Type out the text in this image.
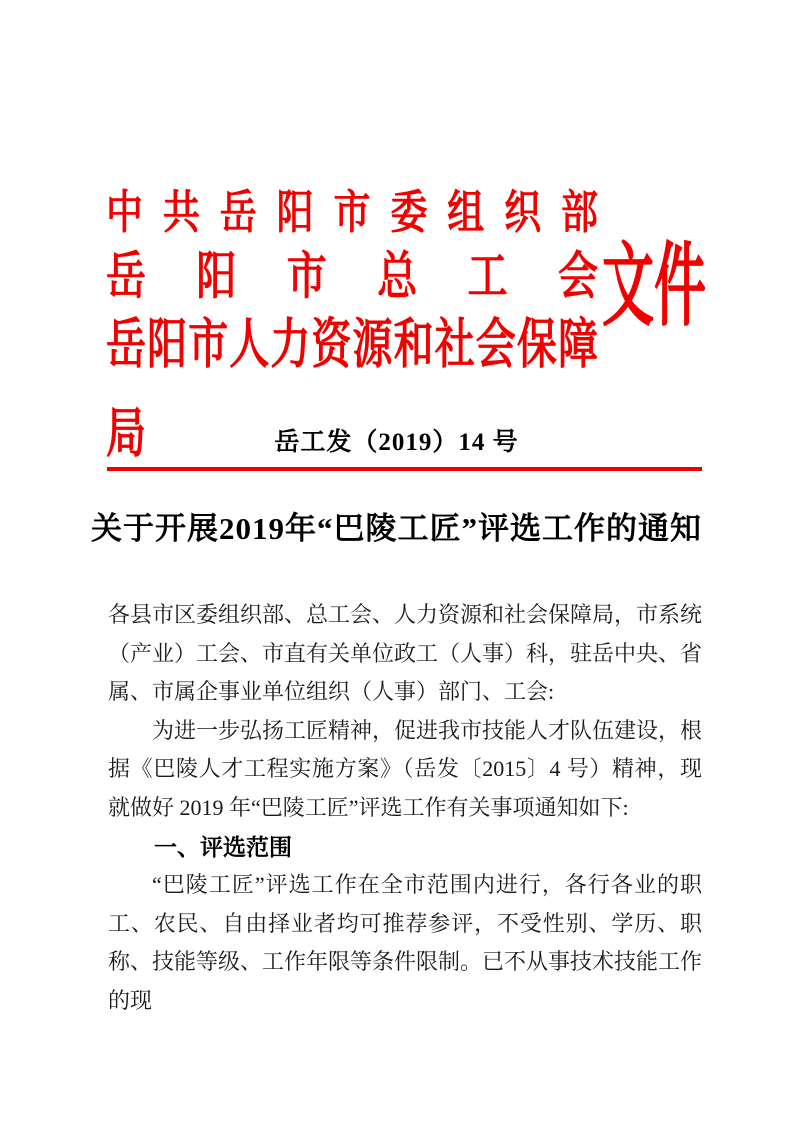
中共岳阳市委组织部
岳阳市总工会
岳阳市人力资源和社会保障局
文件
岳工发（2019）14 号
关于开展2019年“巴陵工匠”评选工作的通知

各县市区委组织部、总工会、人力资源和社会保障局，市系统（产业）工会、市直有关单位政工（人事）科，驻岳中央、省属、市属企事业单位组织（人事）部门、工会:

为进一步弘扬工匠精神，促进我市技能人才队伍建设，根据《巴陵人才工程实施方案》（岳发〔2015〕4 号）精神，现就做好 2019 年“巴陵工匠”评选工作有关事项通知如下:

一、评选范围

“巴陵工匠”评选工作在全市范围内进行，各行各业的职工、农民、自由择业者均可推荐参评，不受性别、学历、职称、技能等级、工作年限等条件限制。已不从事技术技能工作的现
